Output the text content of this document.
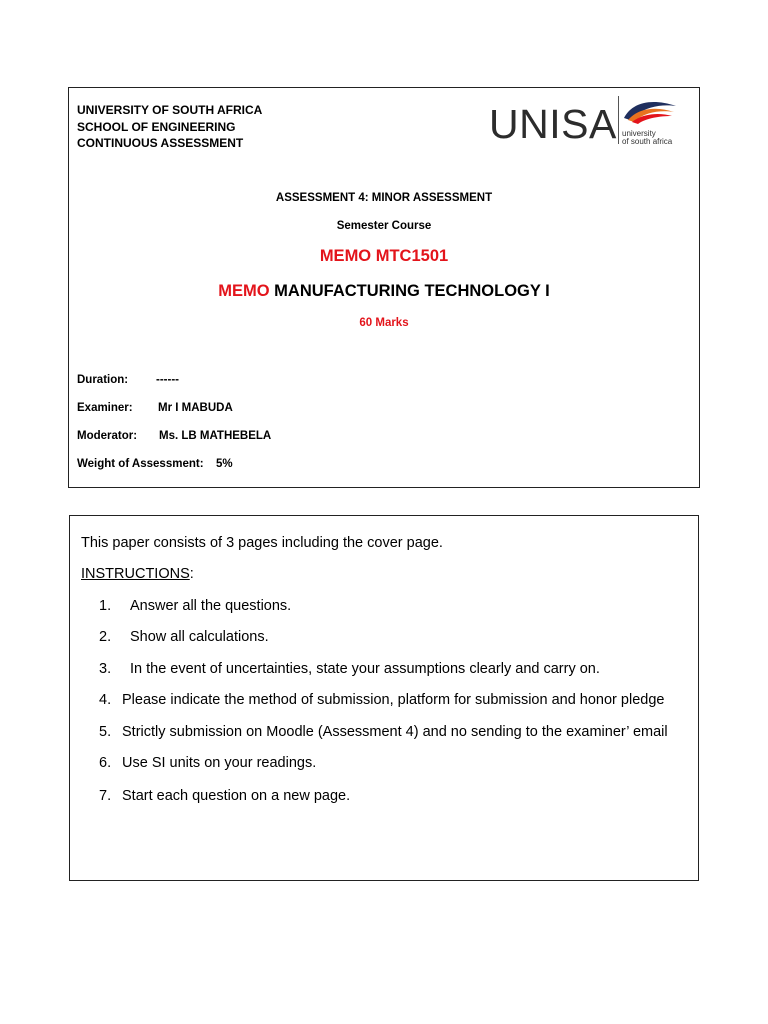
UNIVERSITY OF SOUTH AFRICA
SCHOOL OF ENGINEERING
CONTINUOUS ASSESSMENT	UNISA university
of south africa
ASSESSMENT 4: MINOR ASSESSMENT
Semester Course
MEMO MTC1501
MEMO MANUFACTURING TECHNOLOGY I
60 Marks
Duration: ------
Examiner: Mr I MABUDA
Moderator: Ms. LB MATHEBELA
Weight of Assessment: 5%
This paper consists of 3 pages including the cover page.
INSTRUCTIONS:
1. Answer all the questions.
2. Show all calculations.
3. In the event of uncertainties, state your assumptions clearly and carry on.
4. Please indicate the method of submission, platform for submission and honor pledge
5. Strictly submission on Moodle (Assessment 4) and no sending to the examiner’ email
6. Use SI units on your readings.
7. Start each question on a new page.
